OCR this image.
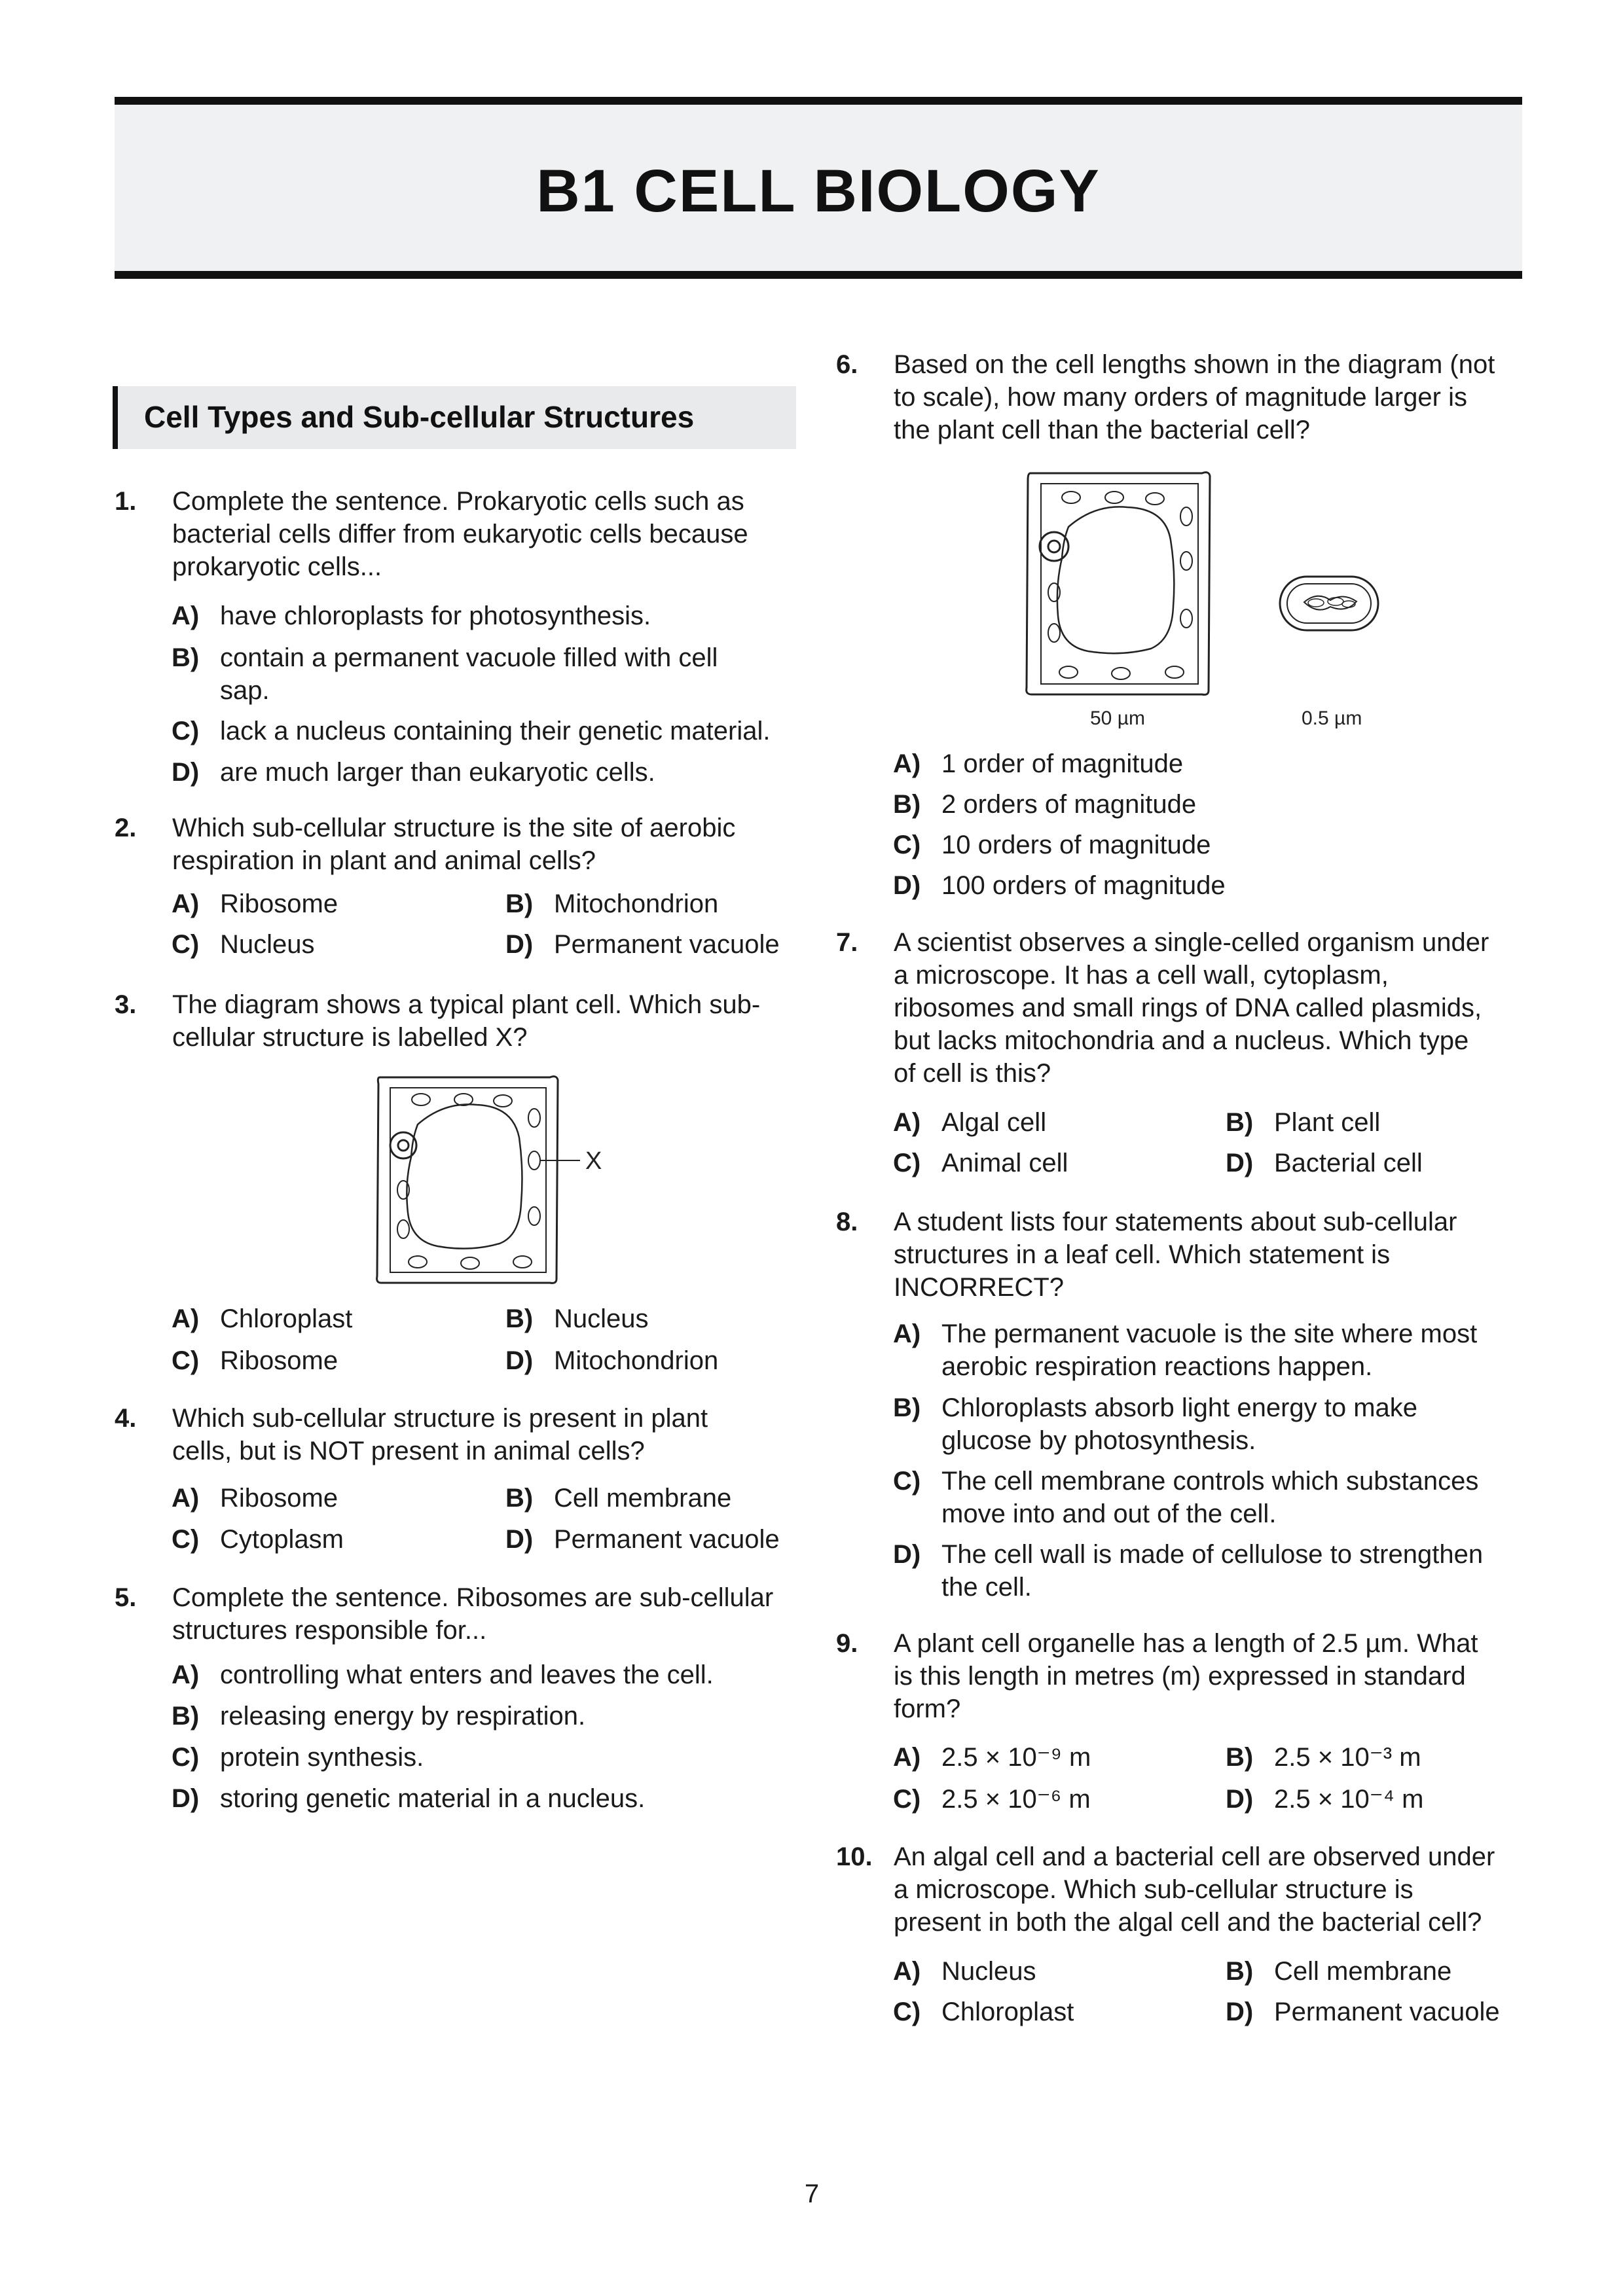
B1 CELL BIOLOGY
Cell Types and Sub-cellular Structures
1. Complete the sentence. Prokaryotic cells such as
bacterial cells differ from eukaryotic cells because
prokaryotic cells...
A) have chloroplasts for photosynthesis.
B) contain a permanent vacuole filled with cell
sap.
C) lack a nucleus containing their genetic material.
D) are much larger than eukaryotic cells.
2. Which sub-cellular structure is the site of aerobic
respiration in plant and animal cells?
A) Ribosome	B) Mitochondrion
C) Nucleus	D) Permanent vacuole
3. The diagram shows a typical plant cell. Which sub-
cellular structure is labelled X?
X
A) Chloroplast	B) Nucleus
C) Ribosome	D) Mitochondrion
4. Which sub-cellular structure is present in plant
cells, but is NOT present in animal cells?
A) Ribosome	B) Cell membrane
C) Cytoplasm	D) Permanent vacuole
5. Complete the sentence. Ribosomes are sub-cellular
structures responsible for...
A) controlling what enters and leaves the cell.
B) releasing energy by respiration.
C) protein synthesis.
D) storing genetic material in a nucleus.
6. Based on the cell lengths shown in the diagram (not
to scale), how many orders of magnitude larger is
the plant cell than the bacterial cell?
50 µm	0.5 µm
A) 1 order of magnitude
B) 2 orders of magnitude
C) 10 orders of magnitude
D) 100 orders of magnitude
7. A scientist observes a single-celled organism under
a microscope. It has a cell wall, cytoplasm,
ribosomes and small rings of DNA called plasmids,
but lacks mitochondria and a nucleus. Which type
of cell is this?
A) Algal cell	B) Plant cell
C) Animal cell	D) Bacterial cell
8. A student lists four statements about sub-cellular
structures in a leaf cell. Which statement is
INCORRECT?
A) The permanent vacuole is the site where most
aerobic respiration reactions happen.
B) Chloroplasts absorb light energy to make
glucose by photosynthesis.
C) The cell membrane controls which substances
move into and out of the cell.
D) The cell wall is made of cellulose to strengthen
the cell.
9. A plant cell organelle has a length of 2.5 µm. What
is this length in metres (m) expressed in standard
form?
A) 2.5 × 10⁻⁹ m	B) 2.5 × 10⁻³ m
C) 2.5 × 10⁻⁶ m	D) 2.5 × 10⁻⁴ m
10. An algal cell and a bacterial cell are observed under
a microscope. Which sub-cellular structure is
present in both the algal cell and the bacterial cell?
A) Nucleus	B) Cell membrane
C) Chloroplast	D) Permanent vacuole
7
